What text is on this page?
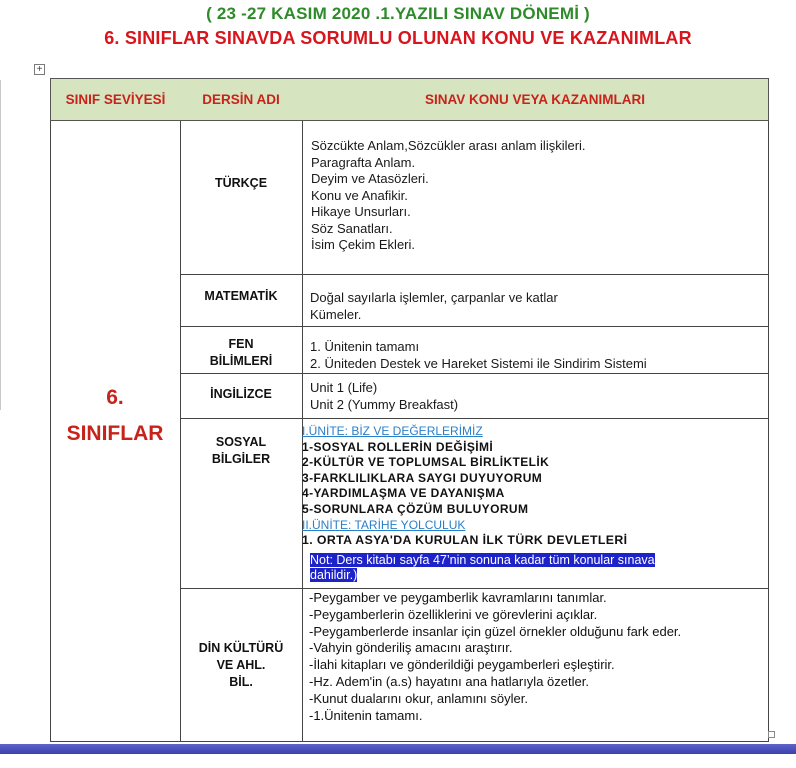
( 23 -27 KASIM 2020 .1.YAZILI SINAV DÖNEMİ )
6. SINIFLAR SINAVDA SORUMLU OLUNAN KONU VE KAZANIMLAR
+
SINIF SEVİYESİ	DERSİN ADI	SINAV KONU VEYA KAZANIMLARI
6.
SINIFLAR
TÜRKÇE
MATEMATİK
FEN
BİLİMLERİ
İNGİLİZCE
SOSYAL
BİLGİLER
DİN KÜLTÜRÜ
VE AHL.
BİL.
Sözcükte Anlam,Sözcükler arası anlam ilişkileri.
Paragrafta Anlam.
Deyim ve Atasözleri.
Konu ve Anafikir.
Hikaye Unsurları.
Söz Sanatları.
İsim Çekim Ekleri.
Doğal sayılarla işlemler, çarpanlar ve katlar
Kümeler.
1. Ünitenin tamamı
2. Üniteden Destek ve Hareket Sistemi ile Sindirim Sistemi
Unit 1 (Life)
Unit 2 (Yummy Breakfast)
I.ÜNİTE: BİZ VE DEĞERLERİMİZ
1-SOSYAL ROLLERİN DEĞİŞİMİ
2-KÜLTÜR VE TOPLUMSAL BİRLİKTELİK
3-FARKLILIKLARA SAYGI DUYUYORUM
4-YARDIMLAŞMA VE DAYANIŞMA
5-SORUNLARA ÇÖZÜM BULUYORUM
II.ÜNİTE: TARİHE YOLCULUK
1. ORTA ASYA'DA KURULAN İLK TÜRK DEVLETLERİ
Not: Ders kitabı sayfa 47’nin sonuna kadar tüm konular sınava dahildir.)
-Peygamber ve peygamberlik kavramlarını tanımlar.
-Peygamberlerin özelliklerini ve görevlerini açıklar.
-Peygamberlerde insanlar için güzel örnekler olduğunu fark eder.
-Vahyin gönderiliş amacını araştırır.
-İlahi kitapları ve gönderildiği peygamberleri eşleştirir.
-Hz. Adem'in (a.s) hayatını ana hatlarıyla özetler.
-Kunut dualarını okur, anlamını söyler.
-1.Ünitenin tamamı.
